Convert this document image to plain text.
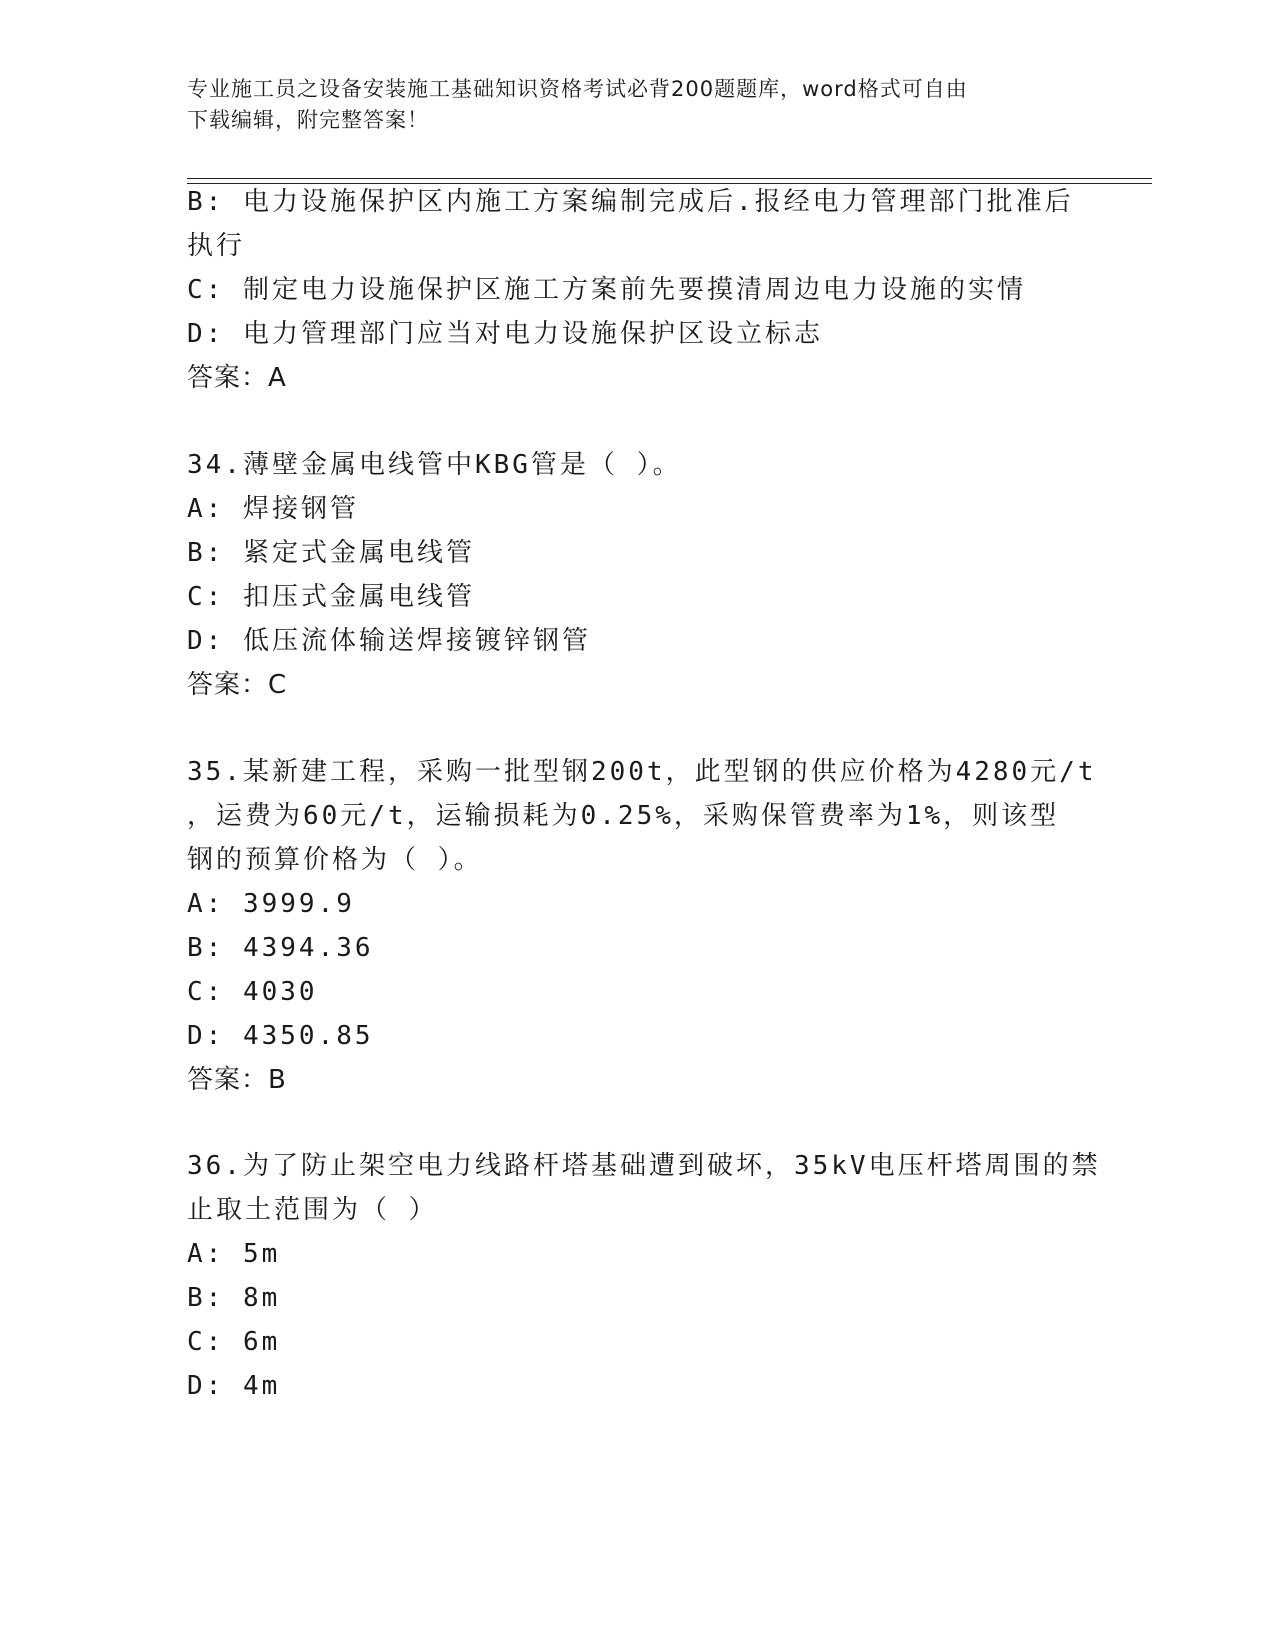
专业施工员之设备安装施工基础知识资格考试必背200题题库，word格式可自由
下载编辑，附完整答案！
B: 电力设施保护区内施工方案编制完成后.报经电力管理部门批准后
执行
C: 制定电力设施保护区施工方案前先要摸清周边电力设施的实情
D: 电力管理部门应当对电力设施保护区设立标志
答案：A
34.薄壁金属电线管中KBG管是（ ）。
A: 焊接钢管
B: 紧定式金属电线管
C: 扣压式金属电线管
D: 低压流体输送焊接镀锌钢管
答案：C
35.某新建工程，采购一批型钢200t，此型钢的供应价格为4280元/t
，运费为60元/t，运输损耗为0.25%，采购保管费率为1%，则该型
钢的预算价格为（ ）。
A: 3999.9
B: 4394.36
C: 4030
D: 4350.85
答案：B
36.为了防止架空电力线路杆塔基础遭到破坏，35kV电压杆塔周围的禁
止取土范围为（ ）
A: 5m
B: 8m
C: 6m
D: 4m
